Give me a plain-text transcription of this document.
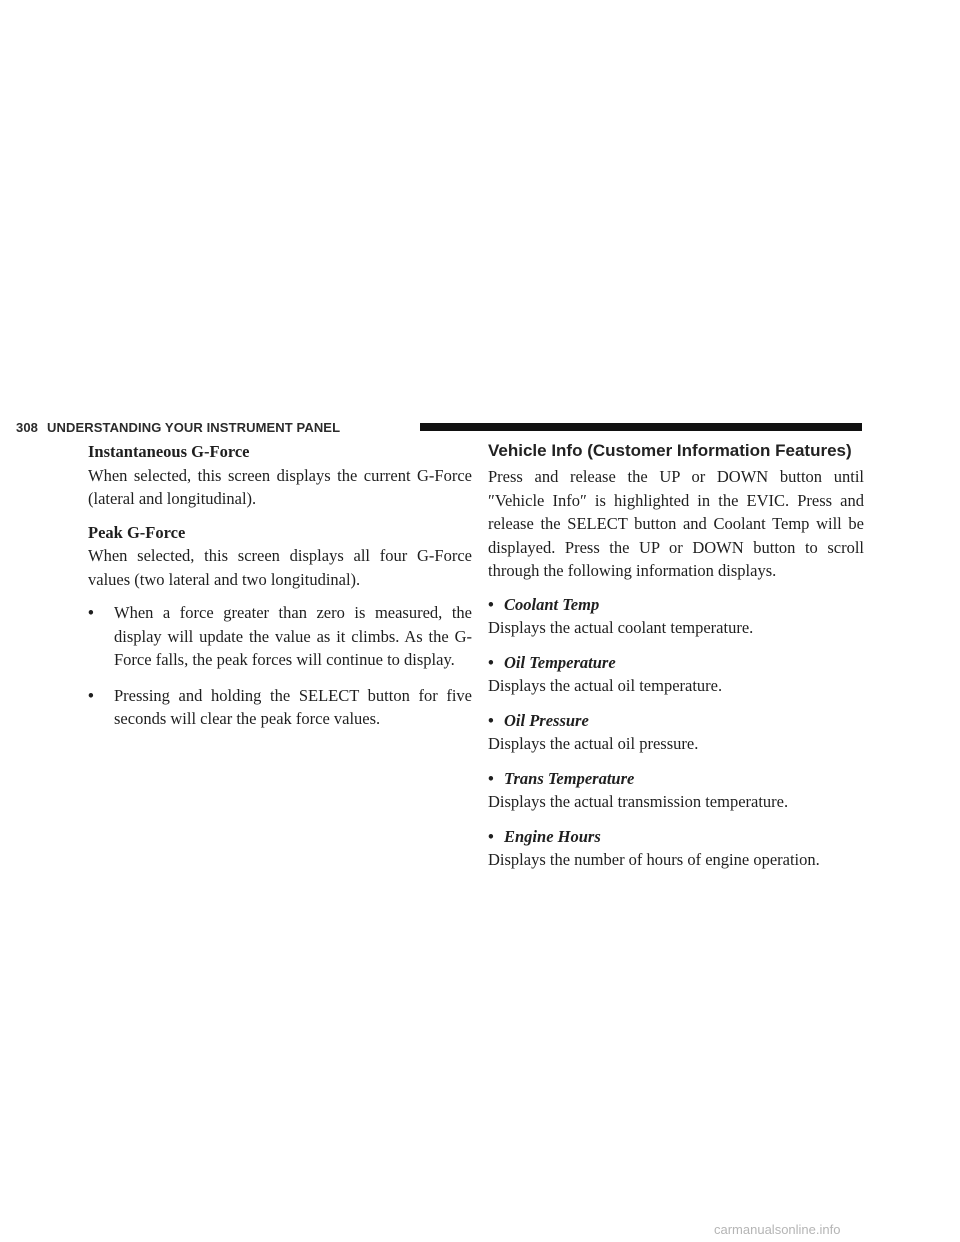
308 UNDERSTANDING YOUR INSTRUMENT PANEL

Instantaneous G-Force

When selected, this screen displays the current G-Force (lateral and longitudinal).

Peak G-Force

When selected, this screen displays all four G-Force values (two lateral and two longitudinal).

• When a force greater than zero is measured, the display will update the value as it climbs. As the G-Force falls, the peak forces will continue to display.
• Pressing and holding the SELECT button for five seconds will clear the peak force values.

Vehicle Info (Customer Information Features)

Press and release the UP or DOWN button until ″Vehicle Info″ is highlighted in the EVIC. Press and release the SELECT button and Coolant Temp will be displayed. Press the UP or DOWN button to scroll through the following information displays.

• Coolant Temp

Displays the actual coolant temperature.

• Oil Temperature

Displays the actual oil temperature.

• Oil Pressure

Displays the actual oil pressure.

• Trans Temperature

Displays the actual transmission temperature.

• Engine Hours

Displays the number of hours of engine operation.

carmanualsonline.info
